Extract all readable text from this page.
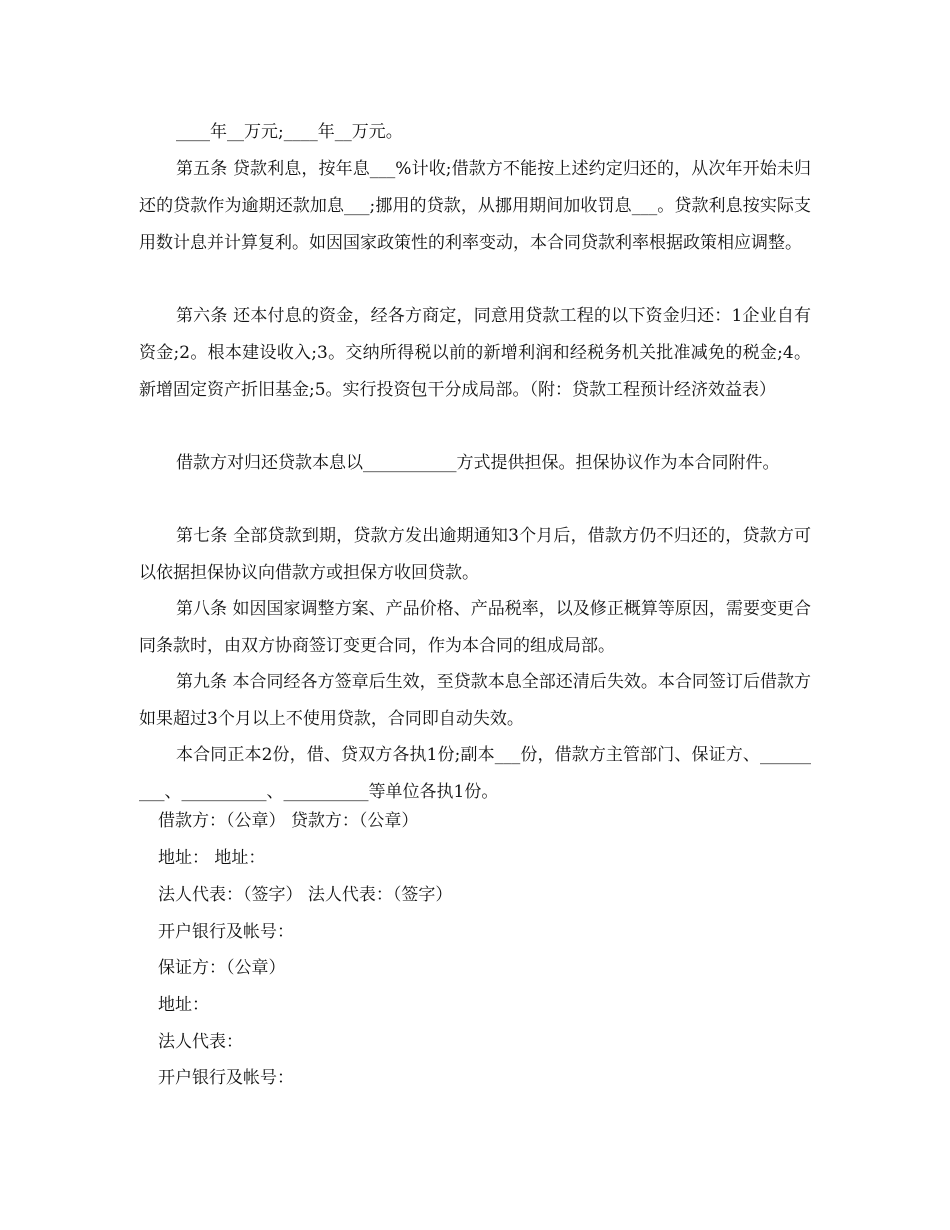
____年__万元;____年__万元。

第五条 贷款利息，按年息___%计收;借款方不能按上述约定归还的，从次年开始未归还的贷款作为逾期还款加息___;挪用的贷款，从挪用期间加收罚息___。贷款利息按实际支用数计息并计算复利。如因国家政策性的利率变动，本合同贷款利率根据政策相应调整。

第六条 还本付息的资金，经各方商定，同意用贷款工程的以下资金归还：1企业自有资金;2。根本建设收入;3。交纳所得税以前的新增利润和经税务机关批准减免的税金;4。新增固定资产折旧基金;5。实行投资包干分成局部。（附：贷款工程预计经济效益表）

借款方对归还贷款本息以___________方式提供担保。担保协议作为本合同附件。

第七条 全部贷款到期，贷款方发出逾期通知3个月后，借款方仍不归还的，贷款方可以依据担保协议向借款方或担保方收回贷款。

第八条 如因国家调整方案、产品价格、产品税率，以及修正概算等原因，需要变更合同条款时，由双方协商签订变更合同，作为本合同的组成局部。

第九条 本合同经各方签章后生效，至贷款本息全部还清后失效。本合同签订后借款方如果超过3个月以上不使用贷款，合同即自动失效。

本合同正本2份，借、贷双方各执1份;副本___份，借款方主管部门、保证方、_________、__________、__________等单位各执1份。

借款方：（公章） 贷款方：（公章）

地址： 地址：

法人代表：（签字） 法人代表：（签字）

开户银行及帐号：

保证方：（公章）

地址：

法人代表：

开户银行及帐号：
